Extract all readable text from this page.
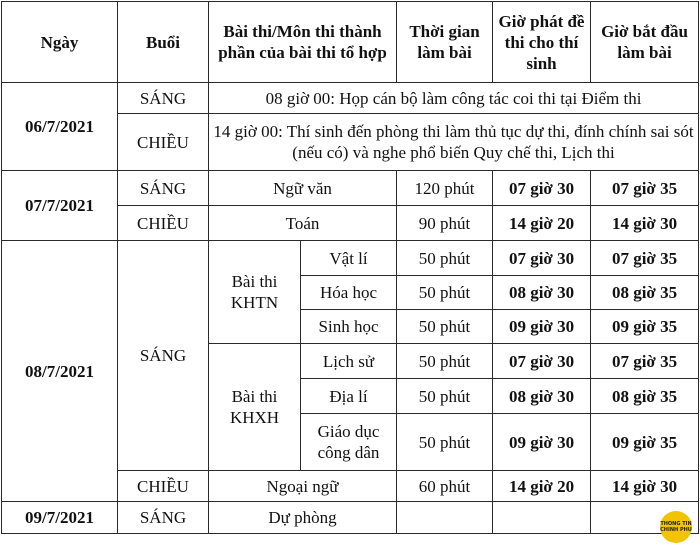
Ngày	Buổi	Bài thi/Môn thi thành phần của bài thi tổ hợp		Thời gian làm bài	Giờ phát đề thi cho thí sinh	Giờ bắt đầu làm bài
06/7/2021	SÁNG	08 giờ 00: Họp cán bộ làm công tác coi thi tại Điểm thi				
	CHIỀU	14 giờ 00: Thí sinh đến phòng thi làm thủ tục dự thi, đính chính sai sót (nếu có) và nghe phổ biến Quy chế thi, Lịch thi				
07/7/2021	SÁNG	Ngữ văn		120 phút	07 giờ 30	07 giờ 35
	CHIỀU	Toán		90 phút	14 giờ 20	14 giờ 30
08/7/2021	SÁNG	Bài thi KHTN	Vật lí	50 phút	07 giờ 30	07 giờ 35
			Hóa học	50 phút	08 giờ 30	08 giờ 35
			Sinh học	50 phút	09 giờ 30	09 giờ 35
		Bài thi KHXH	Lịch sử	50 phút	07 giờ 30	07 giờ 35
			Địa lí	50 phút	08 giờ 30	08 giờ 35
			Giáo dục công dân	50 phút	09 giờ 30	09 giờ 35
	CHIỀU	Ngoại ngữ		60 phút	14 giờ 20	14 giờ 30
09/7/2021	SÁNG	Dự phòng					THONG TIN
CHINH PHU
